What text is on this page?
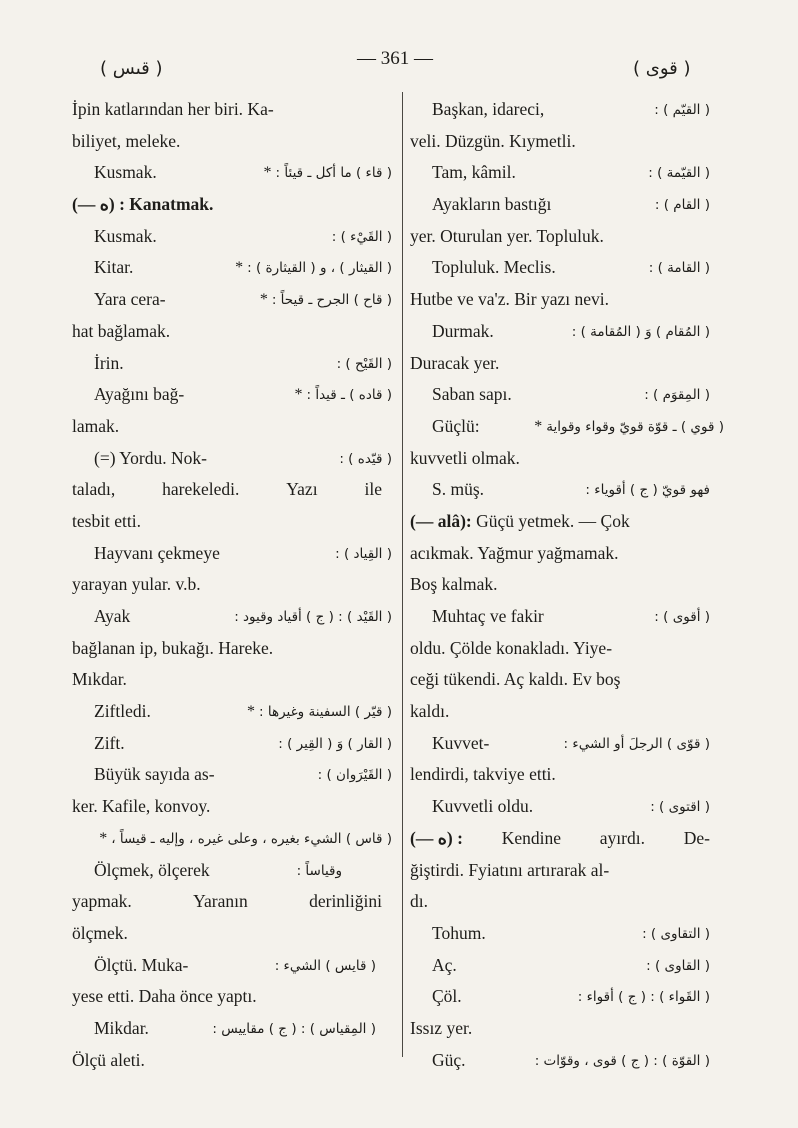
( قىس )	— 361 —	( قوى )
İpin katlarından her biri. Ka-
biliyet, meleke.
Kusmak.	( قاء ) ما أكل ـ قيئاً : *
(— ه) : Kanatmak.
Kusmak.	( القَيْء ) :
Kitar.	( القيثار ) ، و ( القيثارة ) : *
Yara cera-	( قاح ) الجرح ـ قيحاً : *
hat bağlamak.
İrin.	( القَيْح ) :
Ayağını bağ-	( قاده ) ـ قيداً : *
lamak.
(=) Yordu. Nok-	( قيّده ) :
taladı,	harekeledi.	Yazı	ile
tesbit etti.
Hayvanı çekmeye	( القِياد ) :
yarayan yular. v.b.
Ayak	( القَيْد ) : ( ج ) أقياد وقيود :
bağlanan ip, bukağı. Hareke.
Mıkdar.
Ziftledi.	( قيّر ) السفينة وغيرها : *
Zift.	( القار ) وَ ( القِير ) :
Büyük sayıda as-	( القَيْرَوان ) :
ker. Kafile, konvoy.
( قاس ) الشيء بغيره ، وعلى غيره ، وإليه ـ قيساً ، *
Ölçmek, ölçerek	وقياساً :
yapmak.	Yaranın	derinliğini
ölçmek.
Ölçtü. Muka-	( قايس ) الشيء :
yese etti. Daha önce yaptı.
Mikdar.	( المِقياس ) : ( ج ) مقاييس :
Ölçü aleti.
Başkan, idareci,	( القيّم ) :
veli. Düzgün. Kıymetli.
Tam, kâmil.	( القيّمة ) :
Ayakların bastığı	( القام ) :
yer. Oturulan yer. Topluluk.
Topluluk. Meclis.	( القامة ) :
Hutbe ve va'z. Bir yazı nevi.
Durmak.	( المُقام ) وَ ( المُقامة ) :
Duracak yer.
Saban sapı.	( المِقوَم ) :
Güçlü:	( قوي ) ـ قوّة قويّ وقواء وقواية *
kuvvetli olmak.
S. müş.	فهو قويّ ( ج ) أقوياء :
(— alâ): Güçü yetmek. — Çok
acıkmak. Yağmur yağmamak.
Boş kalmak.
Muhtaç ve fakir	( أقوى ) :
oldu. Çölde konakladı. Yiye-
ceği tükendi. Aç kaldı. Ev boş
kaldı.
Kuvvet-	( قوّى ) الرجلَ أو الشيء :
lendirdi, takviye etti.
Kuvvetli oldu.	( اقتوى ) :
(— ه) : Kendine ayırdı. De-
ğiştirdi. Fyiatını artırarak al-
dı.
Tohum.	( التقاوى ) :
Aç.	( القاوى ) :
Çöl.	( القَواء ) : ( ج ) أقواء :
Issız yer.
Güç.	( القوّة ) : ( ج ) قوى ، وقوّات :
